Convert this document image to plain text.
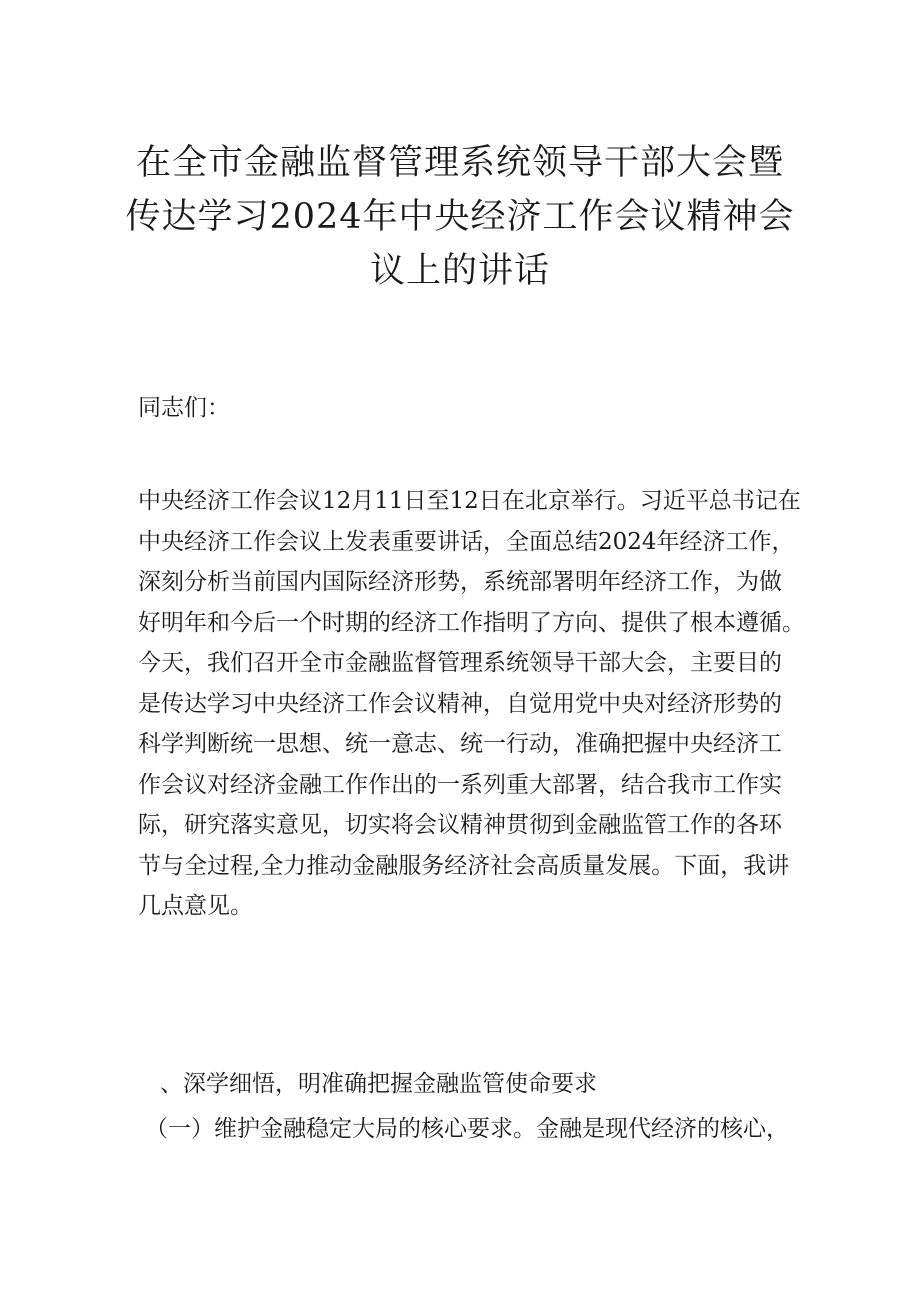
在全市金融监督管理系统领导干部大会暨
传达学习2024年中央经济工作会议精神会
议上的讲话

同志们：

中央经济工作会议12月11日至12日在北京举行。习近平总书记在
中央经济工作会议上发表重要讲话，全面总结2024年经济工作，
深刻分析当前国内国际经济形势，系统部署明年经济工作，为做
好明年和今后一个时期的经济工作指明了方向、提供了根本遵循。
今天，我们召开全市金融监督管理系统领导干部大会，主要目的
是传达学习中央经济工作会议精神，自觉用党中央对经济形势的
科学判断统一思想、统一意志、统一行动，准确把握中央经济工
作会议对经济金融工作作出的一系列重大部署，结合我市工作实
际，研究落实意见，切实将会议精神贯彻到金融监管工作的各环
节与全过程,全力推动金融服务经济社会高质量发展。下面，我讲
几点意见。

、深学细悟，明准确把握金融监管使命要求

（一）维护金融稳定大局的核心要求。金融是现代经济的核心，
